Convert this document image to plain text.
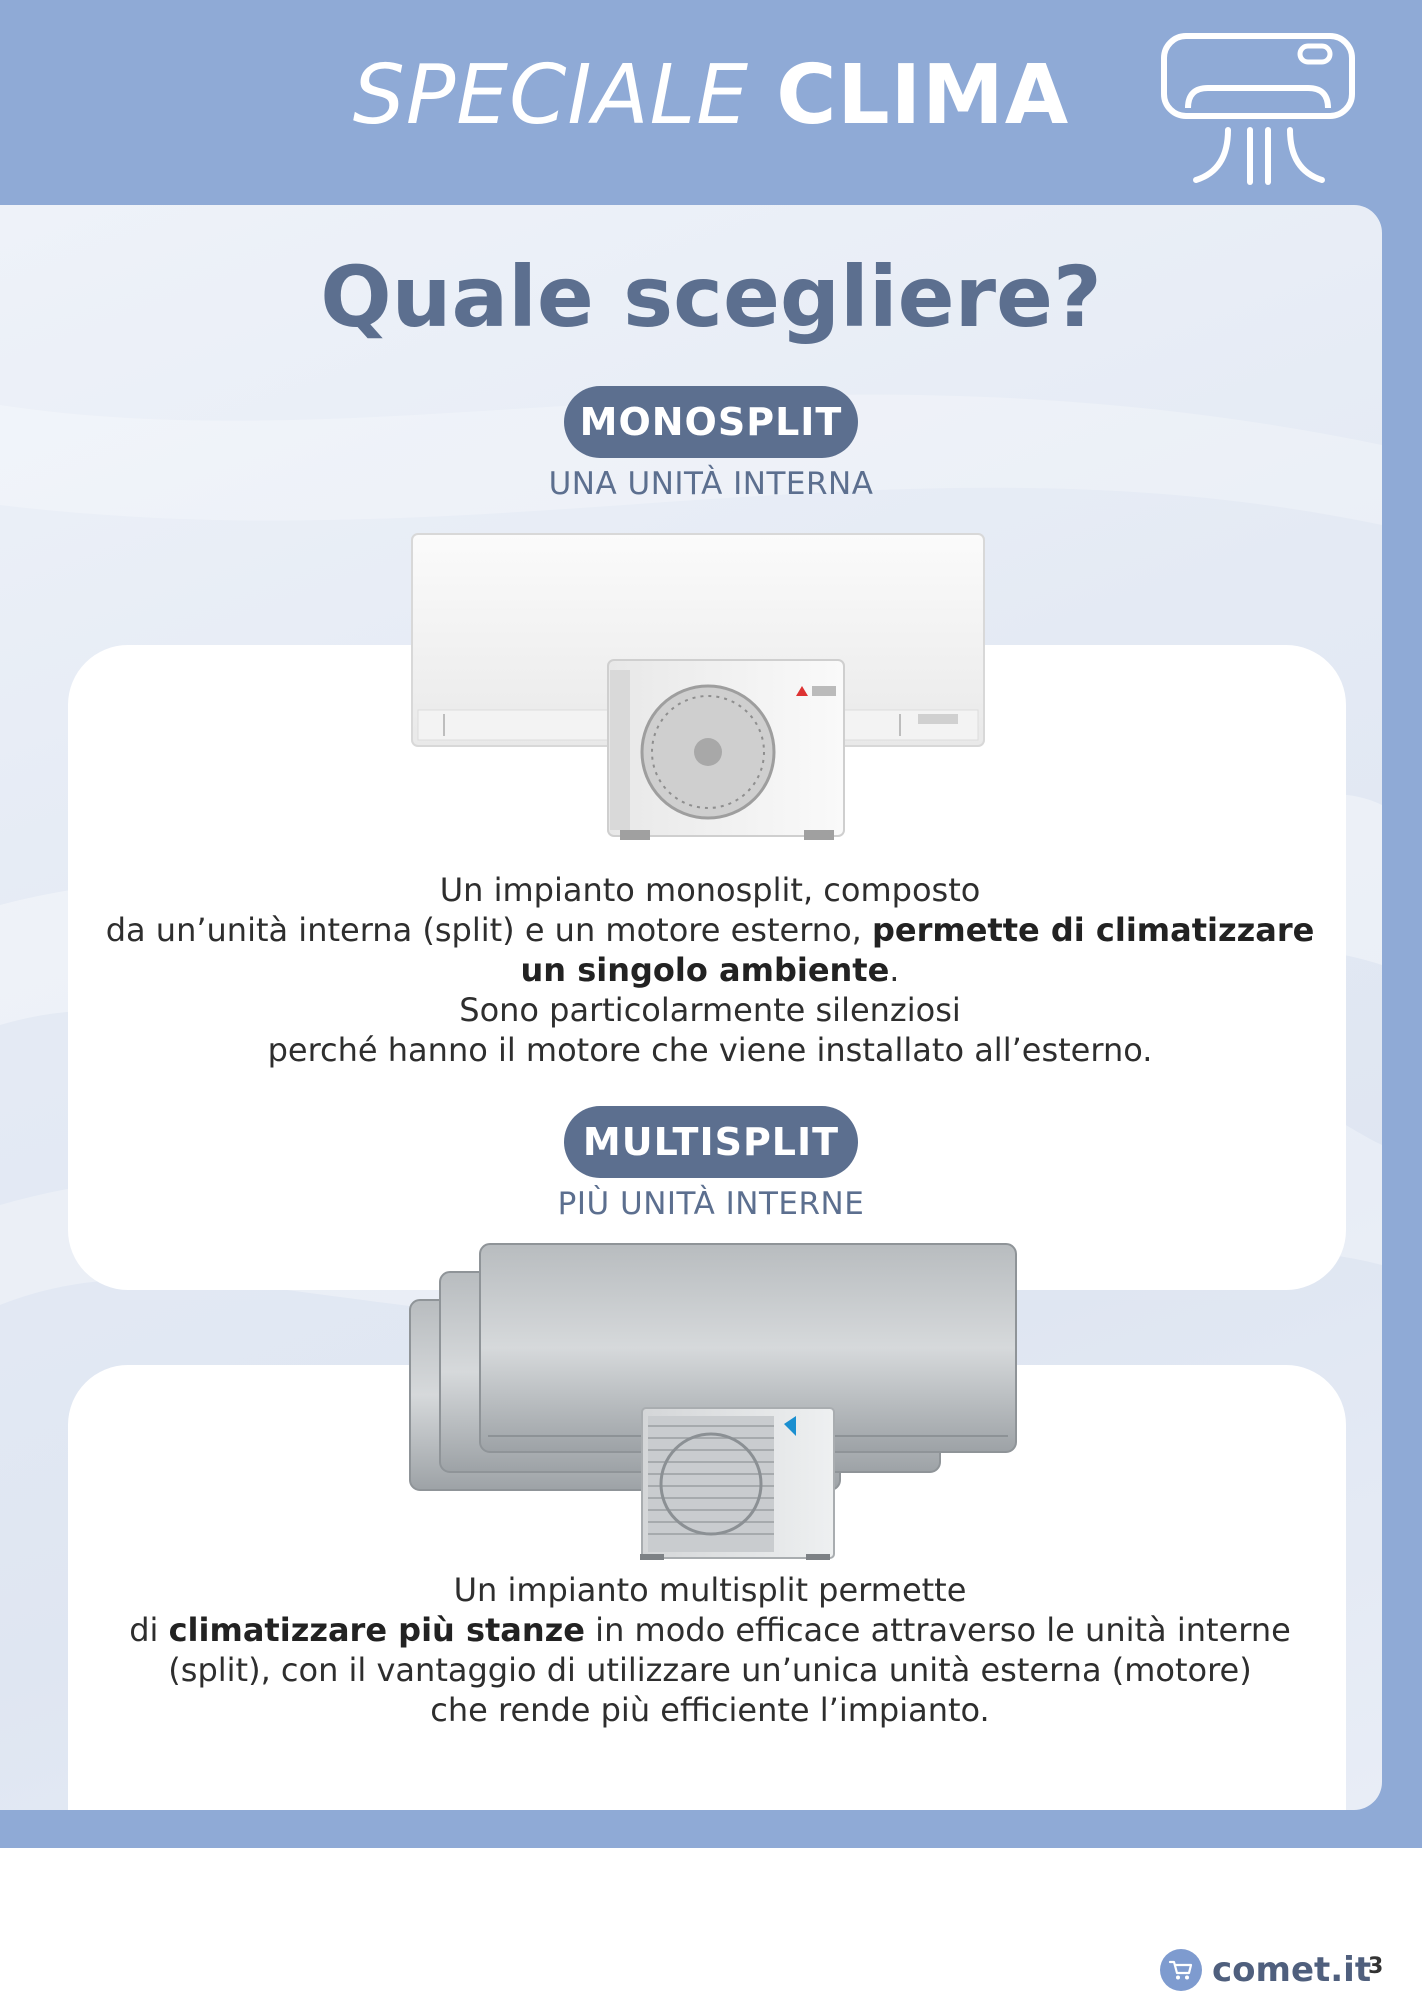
SPECIALE CLIMA
Quale scegliere?
MONOSPLIT
UNA UNITÀ INTERNA
Un impianto monosplit, composto
da un’unità interna (split) e un motore esterno, permette di climatizzare
un singolo ambiente.
Sono particolarmente silenziosi
perché hanno il motore che viene installato all’esterno.
MULTISPLIT
PIÙ UNITÀ INTERNE
Un impianto multisplit permette
di climatizzare più stanze in modo efficace attraverso le unità interne
(split), con il vantaggio di utilizzare un’unica unità esterna (motore)
che rende più efficiente l’impianto.
comet.it
3
